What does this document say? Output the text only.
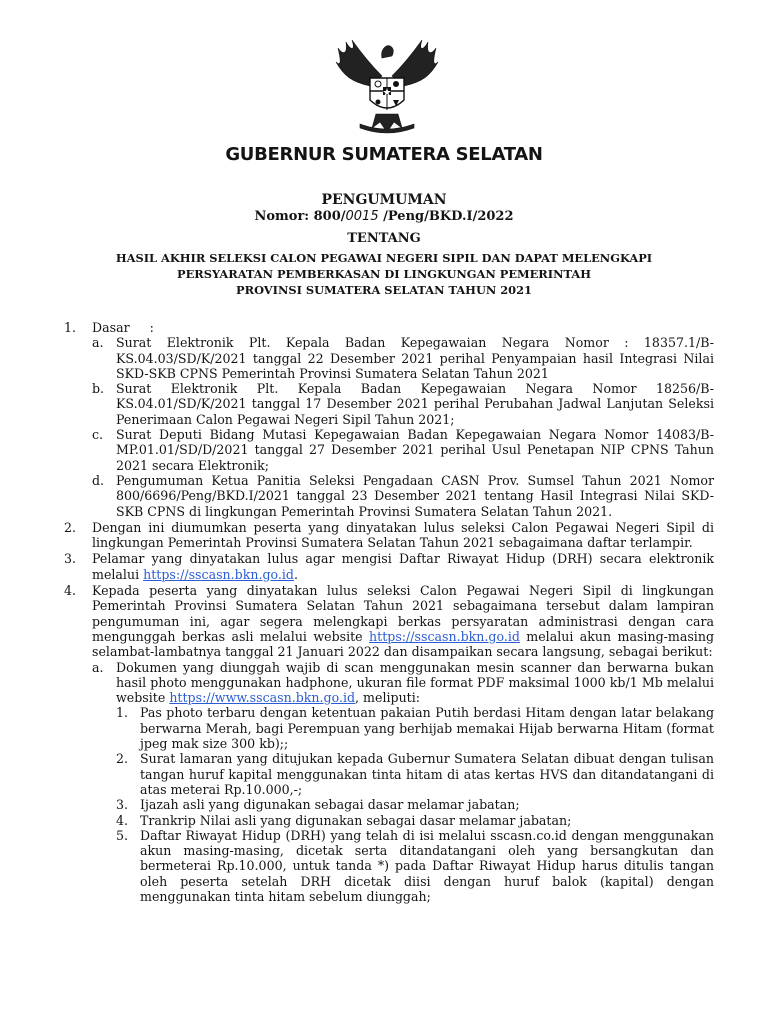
GUBERNUR SUMATERA SELATAN
PENGUMUMAN
Nomor: 800/0015 /Peng/BKD.I/2022
TENTANG

HASIL AKHIR SELEKSI CALON PEGAWAI NEGERI SIPIL DAN DAPAT MELENGKAPI

PERSYARATAN PEMBERKASAN DI LINGKUNGAN PEMERINTAH

PROVINSI SUMATERA SELATAN TAHUN 2021

1.	Dasar     :
a. Surat Elektronik Plt. Kepala Badan Kepegawaian Negara Nomor : 18357.1/B-KS.04.03/SD/K/2021 tanggal 22 Desember 2021 perihal Penyampaian hasil Integrasi Nilai SKD-SKB CPNS Pemerintah Provinsi Sumatera Selatan Tahun 2021
b. Surat Elektronik Plt. Kepala Badan Kepegawaian Negara Nomor 18256/B-KS.04.01/SD/K/2021 tanggal 17 Desember 2021 perihal Perubahan Jadwal Lanjutan Seleksi Penerimaan Calon Pegawai Negeri Sipil Tahun 2021;
c.	Surat Deputi Bidang Mutasi Kepegawaian Badan Kepegawaian Negara Nomor 14083/B-MP.01.01/SD/D/2021 tanggal 27 Desember 2021 perihal Usul Penetapan NIP CPNS Tahun 2021 secara Elektronik;
d. Pengumuman Ketua Panitia Seleksi Pengadaan CASN Prov. Sumsel Tahun 2021 Nomor 800/6696/Peng/BKD.I/2021 tanggal 23 Desember 2021 tentang Hasil Integrasi Nilai SKD-SKB CPNS di lingkungan Pemerintah Provinsi Sumatera Selatan Tahun 2021.
2.	Dengan ini diumumkan peserta yang dinyatakan lulus seleksi Calon Pegawai Negeri Sipil di lingkungan Pemerintah Provinsi Sumatera Selatan Tahun 2021 sebagaimana daftar terlampir.
3.	Pelamar yang dinyatakan lulus agar mengisi Daftar Riwayat Hidup (DRH) secara elektronik melalui https://sscasn.bkn.go.id.
4.	Kepada peserta yang dinyatakan lulus seleksi Calon Pegawai Negeri Sipil di lingkungan Pemerintah Provinsi Sumatera Selatan Tahun 2021 sebagaimana tersebut dalam lampiran pengumuman ini, agar segera melengkapi berkas persyaratan administrasi dengan cara mengunggah berkas asli melalui website https://sscasn.bkn.go.id melalui akun masing-masing selambat-lambatnya tanggal 21 Januari 2022 dan disampaikan secara langsung, sebagai berikut:
a. Dokumen yang diunggah wajib di scan menggunakan mesin scanner dan berwarna bukan hasil photo menggunakan hadphone, ukuran file format PDF maksimal 1000 kb/1 Mb melalui website https://www.sscasn.bkn.go.id, meliputi:
1. Pas photo terbaru dengan ketentuan pakaian Putih berdasi Hitam dengan latar belakang berwarna Merah, bagi Perempuan yang berhijab memakai Hijab berwarna Hitam (format jpeg mak size 300 kb);;
2. Surat lamaran yang ditujukan kepada Gubernur Sumatera Selatan dibuat dengan tulisan tangan huruf kapital menggunakan tinta hitam di atas kertas HVS dan ditandatangani di atas meterai Rp.10.000,-;
3. Ijazah asli yang digunakan sebagai dasar melamar jabatan;
4. Trankrip Nilai asli yang digunakan sebagai dasar melamar jabatan;
5. Daftar Riwayat Hidup (DRH) yang telah di isi melalui sscasn.co.id dengan menggunakan akun masing-masing, dicetak serta ditandatangani oleh yang bersangkutan dan bermeterai Rp.10.000, untuk tanda *) pada Daftar Riwayat Hidup harus ditulis tangan oleh peserta setelah DRH dicetak diisi dengan huruf balok (kapital) dengan menggunakan tinta hitam sebelum diunggah;
